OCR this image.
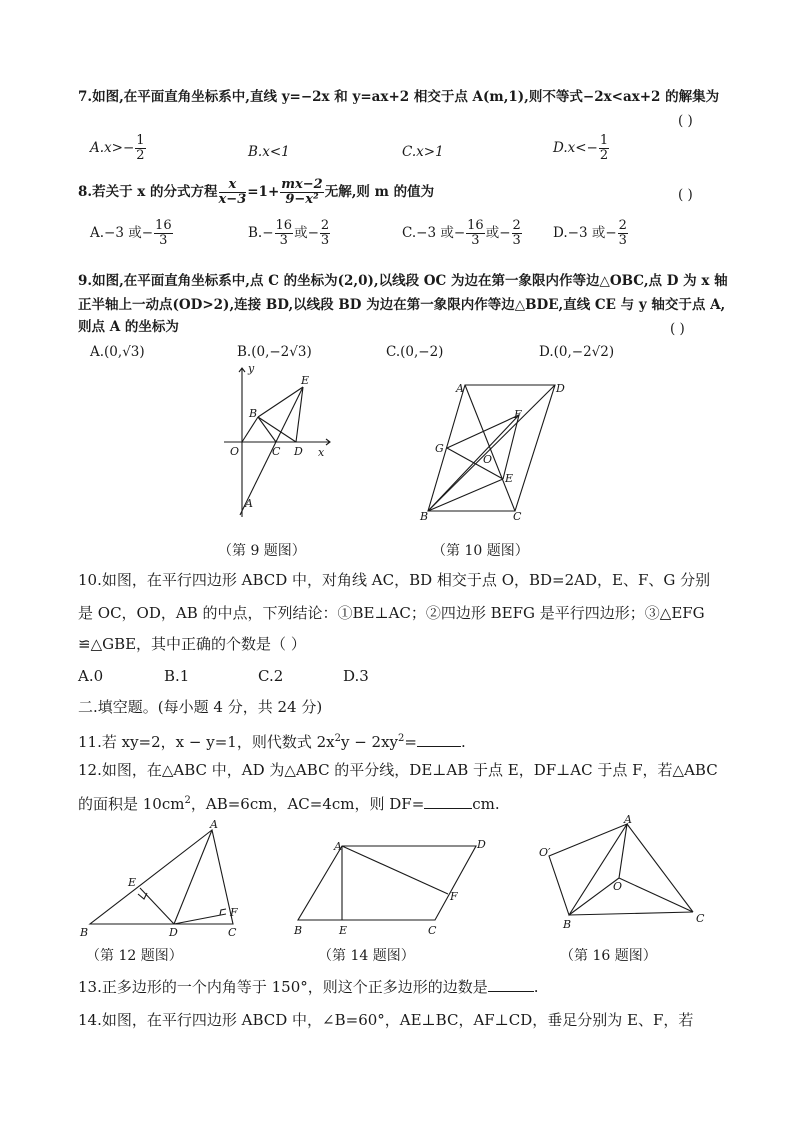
7.如图,在平面直角坐标系中,直线 y=−2x 和 y=ax+2 相交于点 A(m,1),则不等式−2x<ax+2 的解集为
( )
$A.x>- \frac{1}{2}$	B.x<1	C.x>1	$D.x<- \frac{1}{2}$
8.若关于 x 的分式方程 $\frac{x}{x-3} =1+ \frac{mx-2}{\text{9−x²}}$ 无解,则 m 的值为	( )
A.−3 或− $\frac{16}{3}$	$B.- \frac{16}{3}$ 或− $\frac{2}{3}$	C.−3 或− $\frac{16}{3}$ 或− $\frac{2}{3} D.-3$ 或− $\frac{2}{3}$
9.如图,在平面直角坐标系中,点 C 的坐标为(2,0),以线段 OC 为边在第一象限内作等边△OBC,点 D 为 x 轴
正半轴上一动点(OD>2),连接 BD,以线段 BD 为边在第一象限内作等边△BDE,直线 CE 与 y 轴交于点 A,
则点 A 的坐标为	( )
A.(0,√3)	B.(0,−2√3)	C.(0,−2)	D.(0,−2√2)
y
x
E
B
O	C D
A
A	D
F
G
O
E
B	C
（第 9 题图）	（第 10 题图）
10.如图，在平行四边形 ABCD 中，对角线 AC，BD 相交于点 O，BD=2AD，E、F、G 分别
是 OC，OD，AB 的中点，下列结论：①BE⊥AC；②四边形 BEFG 是平行四边形；③△EFG
≌△GBE，其中正确的个数是（ ）
A.0	B.1	C.2	D.3
二.填空题。(每小题 4 分，共 24 分)
11.若 xy=2，x − y=1，则代数式 $2x^2y - 2xy^2=$	.
12.如图，在△ABC 中，AD 为△ABC 的平分线，DE⊥AB 于点 E，DF⊥AC 于点 F，若△ABC
的面积是 $10cm^2$，AB=6cm，AC=4cm，则 DF=	cm.
A
E
F
B	D	C
A	D
F
B	E	C
A
O′
O
B	C
（第 12 题图）	（第 14 题图）	（第 16 题图）
13.正多边形的一个内角等于 150°，则这个正多边形的边数是	.
14.如图，在平行四边形 ABCD 中，∠B=60°，AE⊥BC，AF⊥CD，垂足分别为 E、F，若
